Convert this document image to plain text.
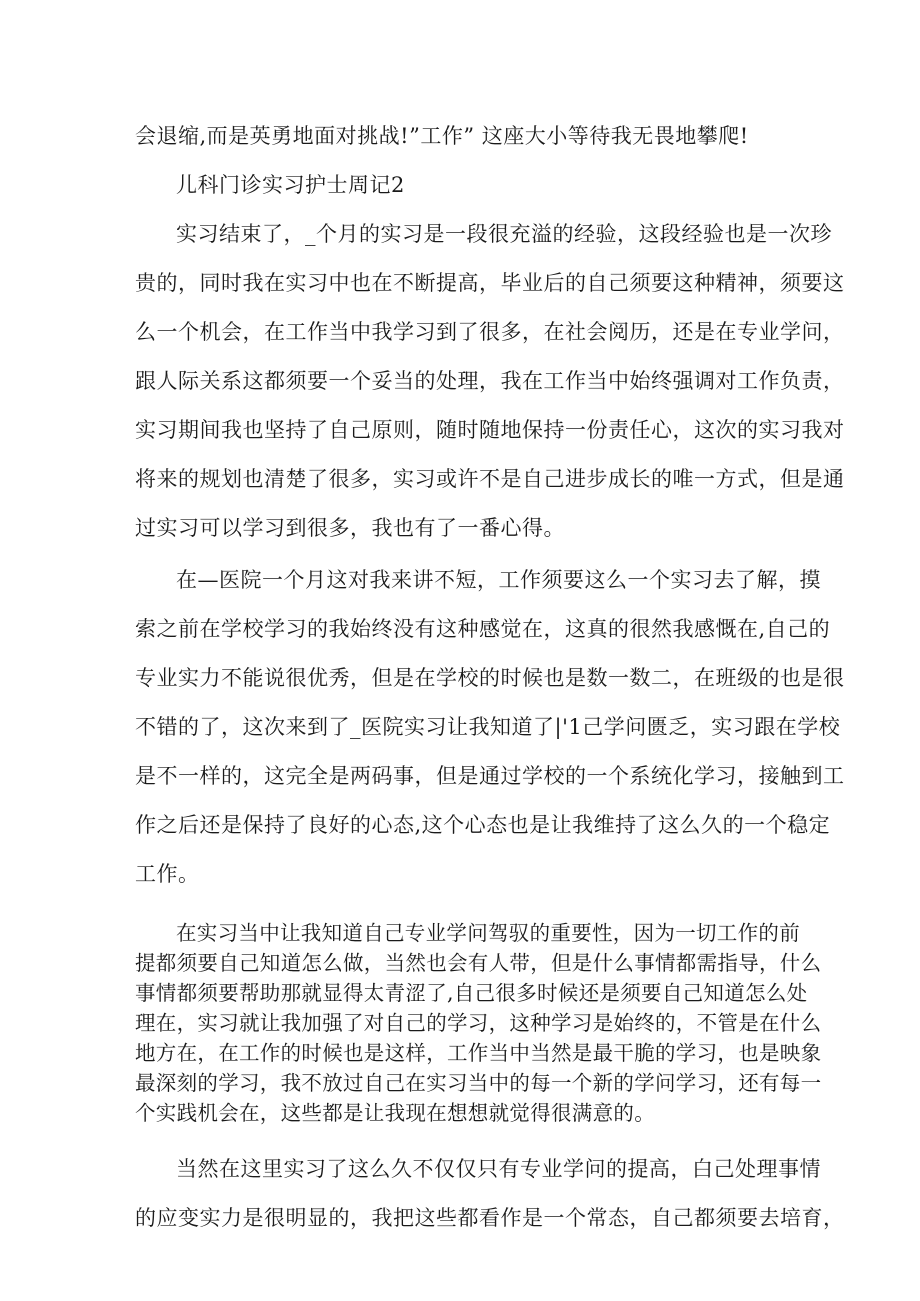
会退缩,而是英勇地面对挑战!”工作” 这座大小等待我无畏地攀爬!
儿科门诊实习护士周记2
实习结束了，_个月的实习是一段很充溢的经验，这段经验也是一次珍
贵的，同时我在实习中也在不断提高，毕业后的自己须要这种精神，须要这
么一个机会，在工作当中我学习到了很多，在社会阅历，还是在专业学问，
跟人际关系这都须要一个妥当的处理，我在工作当中始终强调对工作负责，
实习期间我也坚持了自己原则，随时随地保持一份责任心，这次的实习我对
将来的规划也清楚了很多，实习或许不是自己进步成长的唯一方式，但是通
过实习可以学习到很多，我也有了一番心得。
在—医院一个月这对我来讲不短，工作须要这么一个实习去了解，摸
索之前在学校学习的我始终没有这种感觉在，这真的很然我感慨在,自己的
专业实力不能说很优秀，但是在学校的时候也是数一数二，在班级的也是很
不错的了，这次来到了_医院实习让我知道了|'1己学问匮乏，实习跟在学校
是不一样的，这完全是两码事，但是通过学校的一个系统化学习，接触到工
作之后还是保持了良好的心态,这个心态也是让我维持了这么久的一个稳定
工作。
在实习当中让我知道自己专业学问驾驭的重要性，因为一切工作的前
提都须要自己知道怎么做，当然也会有人带，但是什么事情都需指导，什么
事情都须要帮助那就显得太青涩了,自己很多时候还是须要自己知道怎么处
理在，实习就让我加强了对自己的学习，这种学习是始终的，不管是在什么
地方在，在工作的时候也是这样，工作当中当然是最干脆的学习，也是映象
最深刻的学习，我不放过自己在实习当中的每一个新的学问学习，还有每一
个实践机会在，这些都是让我现在想想就觉得很满意的。
当然在这里实习了这么久不仅仅只有专业学问的提高，白己处理事情
的应变实力是很明显的，我把这些都看作是一个常态，自己都须要去培育，
